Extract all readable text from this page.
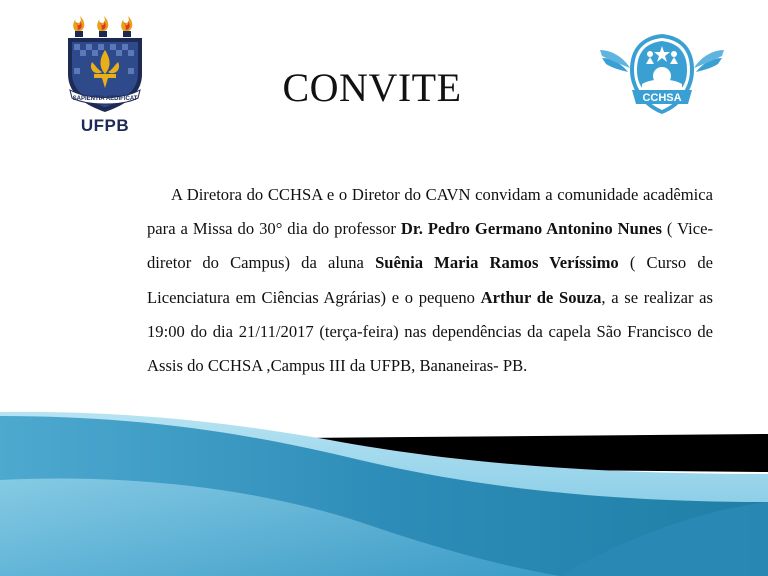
SAPIENTIA AEDIFICAT
UFPB
CCHSA
CONVITE

A Diretora do CCHSA e o Diretor do CAVN convidam a comunidade acadêmica para a Missa do 30° dia do professor Dr. Pedro Germano Antonino Nunes ( Vice-diretor do Campus) da aluna Suênia Maria Ramos Veríssimo ( Curso de Licenciatura em Ciências Agrárias) e o pequeno Arthur de Souza, a se realizar as 19:00 do dia 21/11/2017 (terça-feira) nas dependências da capela São Francisco de Assis do CCHSA ,Campus III da UFPB, Bananeiras- PB.
